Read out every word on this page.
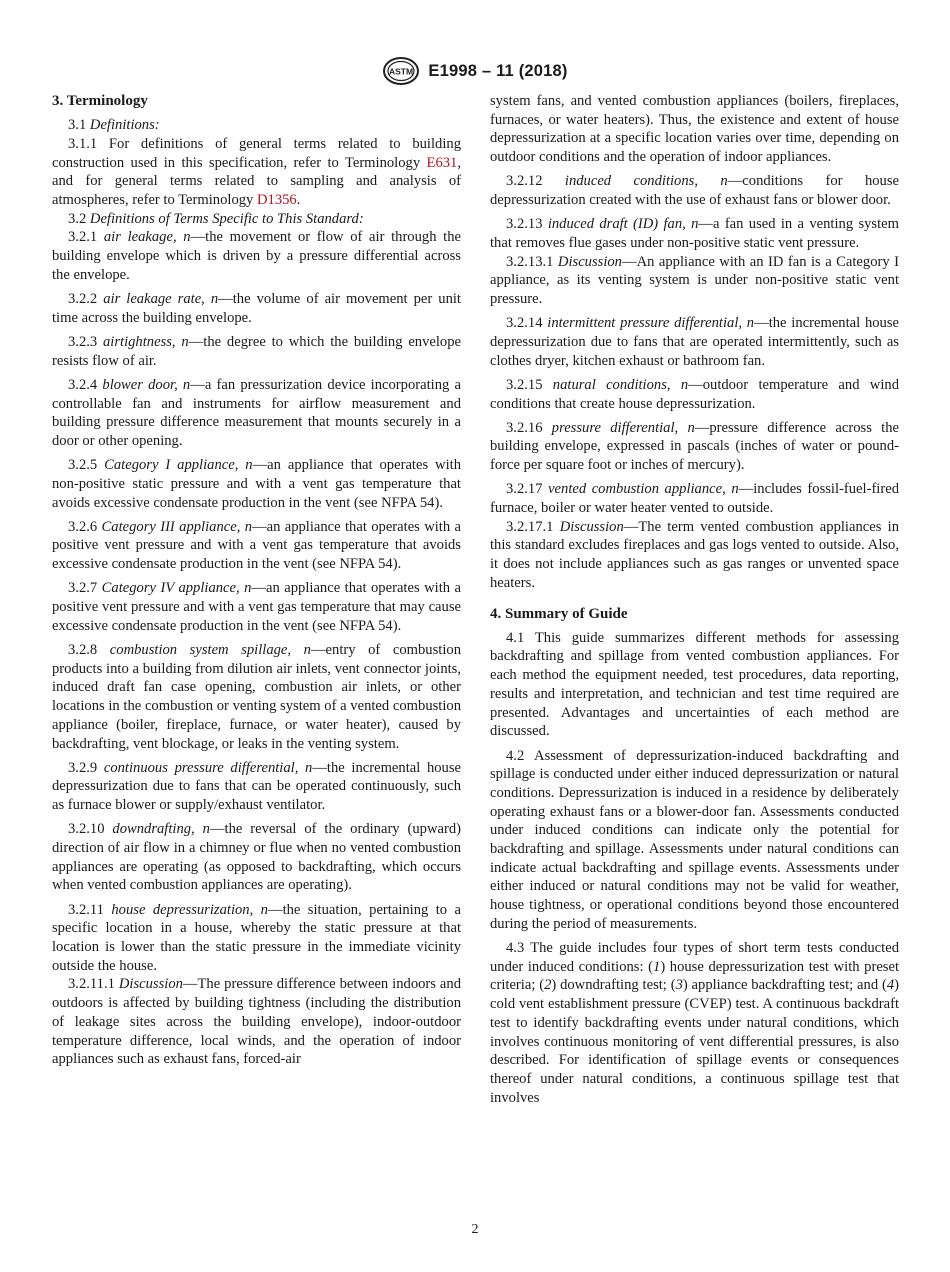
ASTM E1998 – 11 (2018)

3. Terminology

3.1 Definitions:

3.1.1 For definitions of general terms related to building construction used in this specification, refer to Terminology E631, and for general terms related to sampling and analysis of atmospheres, refer to Terminology D1356.

3.2 Definitions of Terms Specific to This Standard:

3.2.1 air leakage, n—the movement or flow of air through the building envelope which is driven by a pressure differential across the envelope.

3.2.2 air leakage rate, n—the volume of air movement per unit time across the building envelope.

3.2.3 airtightness, n—the degree to which the building envelope resists flow of air.

3.2.4 blower door, n—a fan pressurization device incorporating a controllable fan and instruments for airflow measurement and building pressure difference measurement that mounts securely in a door or other opening.

3.2.5 Category I appliance, n—an appliance that operates with non-positive static pressure and with a vent gas temperature that avoids excessive condensate production in the vent (see NFPA 54).

3.2.6 Category III appliance, n—an appliance that operates with a positive vent pressure and with a vent gas temperature that avoids excessive condensate production in the vent (see NFPA 54).

3.2.7 Category IV appliance, n—an appliance that operates with a positive vent pressure and with a vent gas temperature that may cause excessive condensate production in the vent (see NFPA 54).

3.2.8 combustion system spillage, n—entry of combustion products into a building from dilution air inlets, vent connector joints, induced draft fan case opening, combustion air inlets, or other locations in the combustion or venting system of a vented combustion appliance (boiler, fireplace, furnace, or water heater), caused by backdrafting, vent blockage, or leaks in the venting system.

3.2.9 continuous pressure differential, n—the incremental house depressurization due to fans that can be operated continuously, such as furnace blower or supply/exhaust ventilator.

3.2.10 downdrafting, n—the reversal of the ordinary (upward) direction of air flow in a chimney or flue when no vented combustion appliances are operating (as opposed to backdrafting, which occurs when vented combustion appliances are operating).

3.2.11 house depressurization, n—the situation, pertaining to a specific location in a house, whereby the static pressure at that location is lower than the static pressure in the immediate vicinity outside the house.

3.2.11.1 Discussion—The pressure difference between indoors and outdoors is affected by building tightness (including the distribution of leakage sites across the building envelope), indoor-outdoor temperature difference, local winds, and the operation of indoor appliances such as exhaust fans, forced-air

system fans, and vented combustion appliances (boilers, fireplaces, furnaces, or water heaters). Thus, the existence and extent of house depressurization at a specific location varies over time, depending on outdoor conditions and the operation of indoor appliances.

3.2.12 induced conditions, n—conditions for house depressurization created with the use of exhaust fans or blower door.

3.2.13 induced draft (ID) fan, n—a fan used in a venting system that removes flue gases under non-positive static vent pressure.

3.2.13.1 Discussion—An appliance with an ID fan is a Category I appliance, as its venting system is under non-positive static vent pressure.

3.2.14 intermittent pressure differential, n—the incremental house depressurization due to fans that are operated intermittently, such as clothes dryer, kitchen exhaust or bathroom fan.

3.2.15 natural conditions, n—outdoor temperature and wind conditions that create house depressurization.

3.2.16 pressure differential, n—pressure difference across the building envelope, expressed in pascals (inches of water or pound-force per square foot or inches of mercury).

3.2.17 vented combustion appliance, n—includes fossil-fuel-fired furnace, boiler or water heater vented to outside.

3.2.17.1 Discussion—The term vented combustion appliances in this standard excludes fireplaces and gas logs vented to outside. Also, it does not include appliances such as gas ranges or unvented space heaters.

4. Summary of Guide

4.1 This guide summarizes different methods for assessing backdrafting and spillage from vented combustion appliances. For each method the equipment needed, test procedures, data reporting, results and interpretation, and technician and test time required are presented. Advantages and uncertainties of each method are discussed.

4.2 Assessment of depressurization-induced backdrafting and spillage is conducted under either induced depressurization or natural conditions. Depressurization is induced in a residence by deliberately operating exhaust fans or a blower-door fan. Assessments conducted under induced conditions can indicate only the potential for backdrafting and spillage. Assessments under natural conditions can indicate actual backdrafting and spillage events. Assessments under either induced or natural conditions may not be valid for weather, house tightness, or operational conditions beyond those encountered during the period of measurements.

4.3 The guide includes four types of short term tests conducted under induced conditions: (1) house depressurization test with preset criteria; (2) downdrafting test; (3) appliance backdrafting test; and (4) cold vent establishment pressure (CVEP) test. A continuous backdraft test to identify backdrafting events under natural conditions, which involves continuous monitoring of vent differential pressures, is also described. For identification of spillage events or consequences thereof under natural conditions, a continuous spillage test that involves

2
